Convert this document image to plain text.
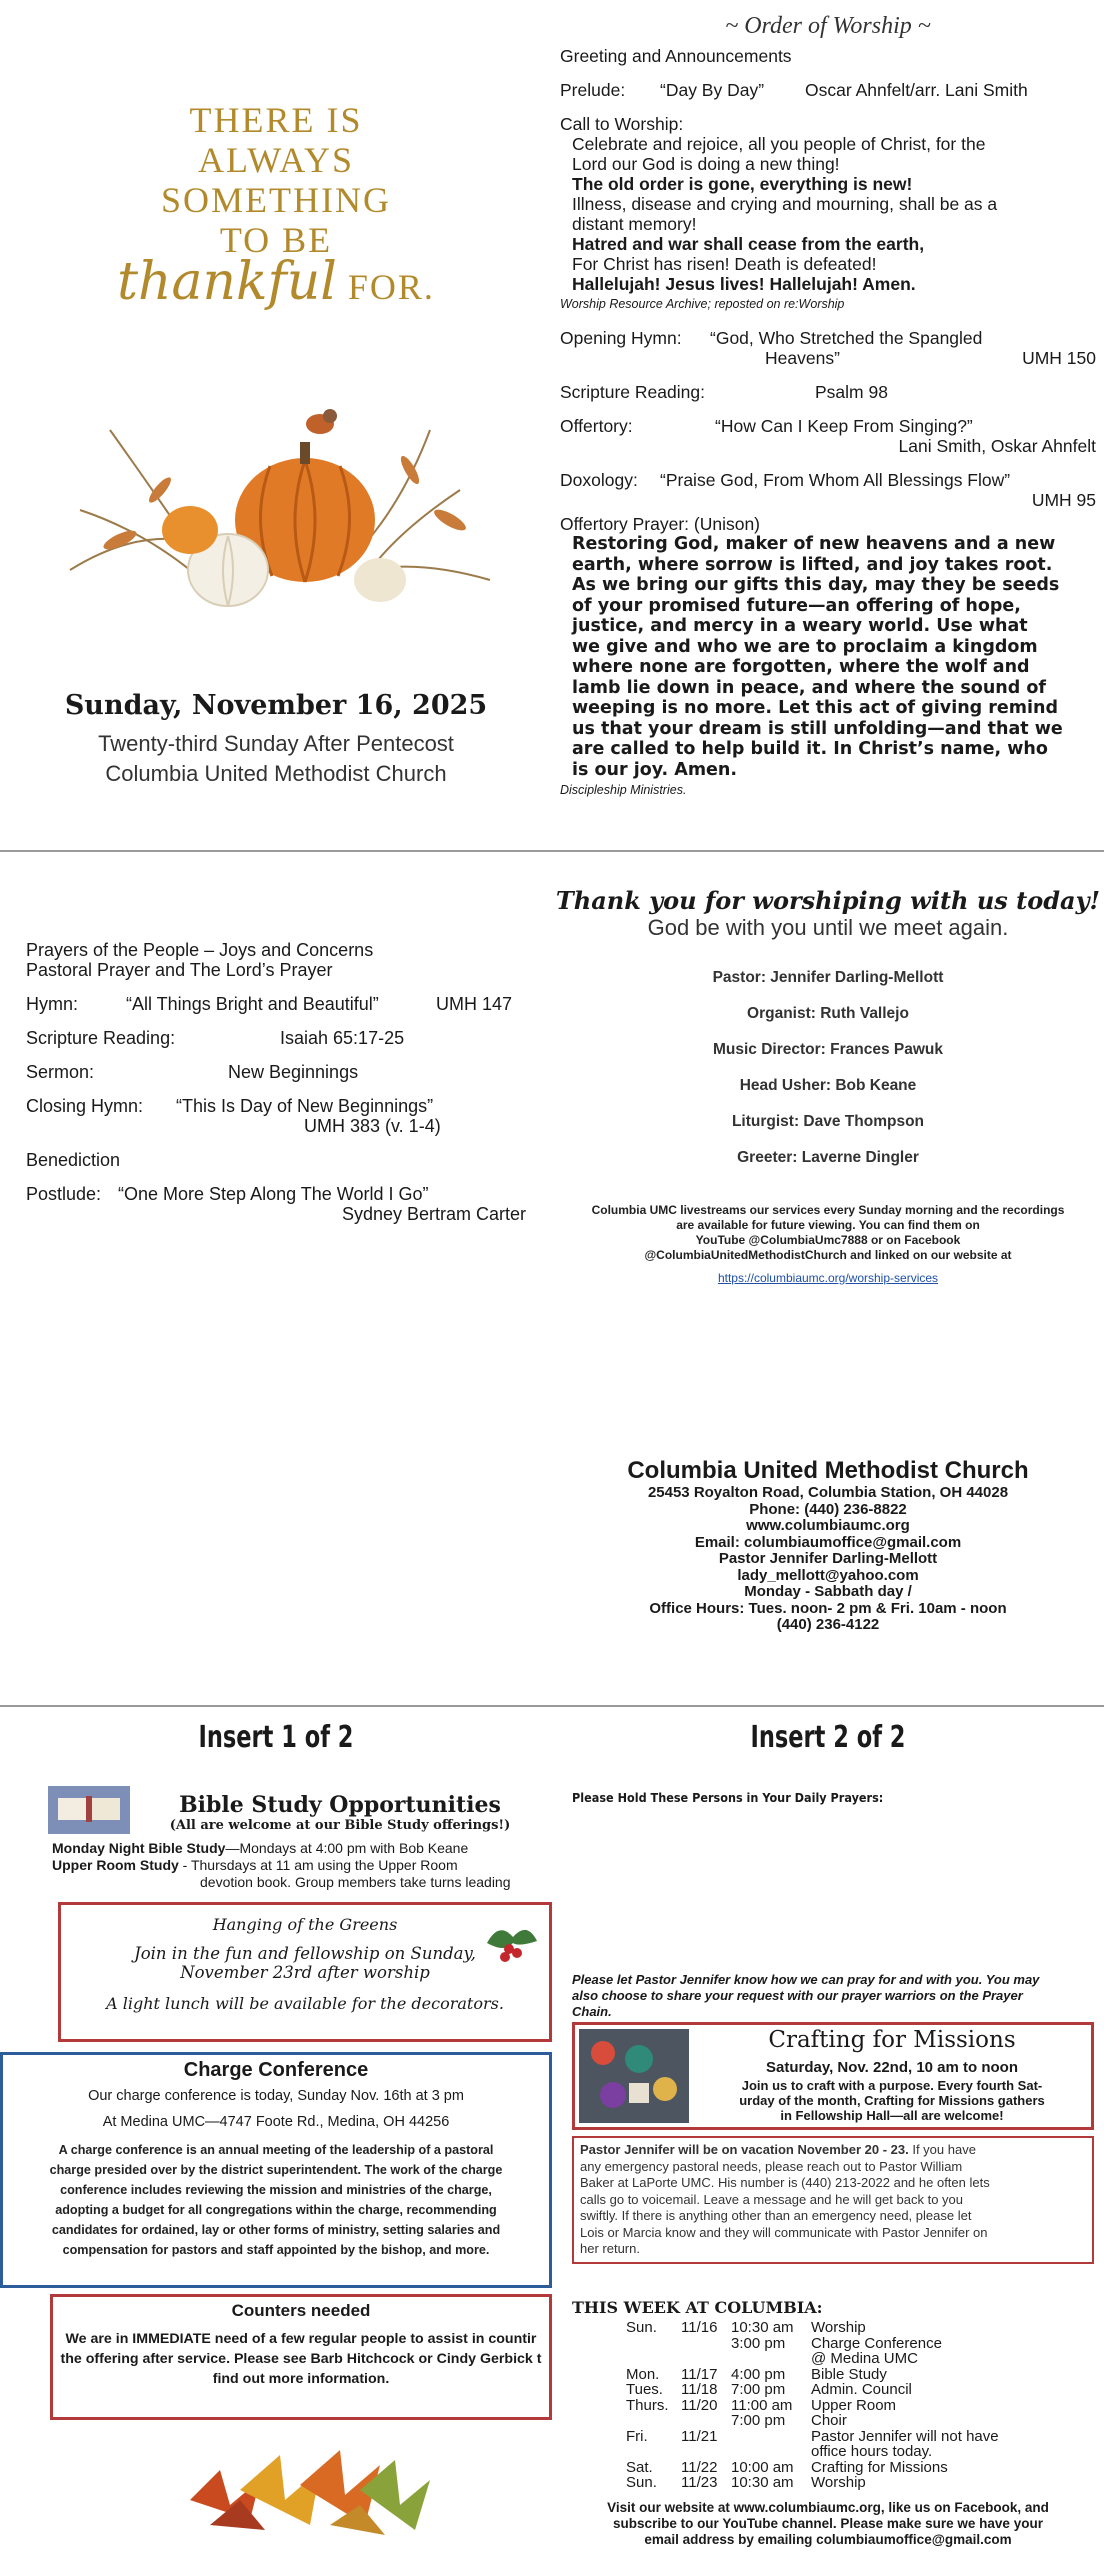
THERE IS
ALWAYS
SOMETHING
TO BE
thankful FOR.
Sunday, November 16, 2025
Twenty-third Sunday After Pentecost
Columbia United Methodist Church
~ Order of Worship ~
Greeting and Announcements
Prelude:	“Day By Day”	Oscar Ahnfelt/arr. Lani Smith
Call to Worship:
Celebrate and rejoice, all you people of Christ, for the
Lord our God is doing a new thing!
The old order is gone, everything is new!
Illness, disease and crying and mourning, shall be as a
distant memory!
Hatred and war shall cease from the earth,
For Christ has risen! Death is defeated!
Hallelujah! Jesus lives! Hallelujah! Amen.
Worship Resource Archive; reposted on re:Worship
Opening Hymn:	“God, Who Stretched the Spangled
Heavens”	UMH 150
Scripture Reading:	Psalm 98
Offertory:	“How Can I Keep From Singing?”
Lani Smith, Oskar Ahnfelt
Doxology:	“Praise God, From Whom All Blessings Flow”
UMH 95
Offertory Prayer: (Unison)
Restoring God, maker of new heavens and a new
earth, where sorrow is lifted, and joy takes root.
As we bring our gifts this day, may they be seeds
of your promised future—an offering of hope,
justice, and mercy in a weary world. Use what
we give and who we are to proclaim a kingdom
where none are forgotten, where the wolf and
lamb lie down in peace, and where the sound of
weeping is no more. Let this act of giving remind
us that your dream is still unfolding—and that we
are called to help build it. In Christ’s name, who
is our joy. Amen.
Discipleship Ministries.
Prayers of the People – Joys and Concerns
Pastoral Prayer and The Lord’s Prayer
Hymn:	“All Things Bright and Beautiful”	UMH 147
Scripture Reading:	Isaiah 65:17-25
Sermon:	New Beginnings
Closing Hymn:	“This Is Day of New Beginnings”
UMH 383 (v. 1-4)
Benediction
Postlude: “One More Step Along The World I Go”
Sydney Bertram Carter
Thank you for worshiping with us today!
God be with you until we meet again.
Pastor: Jennifer Darling-Mellott
Organist: Ruth Vallejo
Music Director: Frances Pawuk
Head Usher: Bob Keane
Liturgist: Dave Thompson
Greeter: Laverne Dingler
Columbia UMC livestreams our services every Sunday morning and the recordings
are available for future viewing. You can find them on
YouTube @ColumbiaUmc7888 or on Facebook
@ColumbiaUnitedMethodistChurch and linked on our website at
https://columbiaumc.org/worship-services
Columbia United Methodist Church
25453 Royalton Road, Columbia Station, OH 44028
Phone: (440) 236-8822
www.columbiaumc.org
Email: columbiaumoffice@gmail.com
Pastor Jennifer Darling-Mellott
lady_mellott@yahoo.com
Monday - Sabbath day /
Office Hours: Tues. noon- 2 pm & Fri. 10am - noon
(440) 236-4122
Insert 1 of 2
Bible Study Opportunities
(All are welcome at our Bible Study offerings!)
Monday Night Bible Study—Mondays at 4:00 pm with Bob Keane
Upper Room Study - Thursdays at 11 am using the Upper Room
devotion book. Group members take turns leading
Hanging of the Greens
Join in the fun and fellowship on Sunday,
November 23rd after worship
A light lunch will be available for the decorators.
Charge Conference
Our charge conference is today, Sunday Nov. 16th at 3 pm
At Medina UMC—4747 Foote Rd., Medina, OH 44256
A charge conference is an annual meeting of the leadership of a pastoral
charge presided over by the district superintendent. The work of the charge
conference includes reviewing the mission and ministries of the charge,
adopting a budget for all congregations within the charge, recommending
candidates for ordained, lay or other forms of ministry, setting salaries and
compensation for pastors and staff appointed by the bishop, and more.
Counters needed
We are in IMMEDIATE need of a few regular people to assist in countir
the offering after service. Please see Barb Hitchcock or Cindy Gerbick t
find out more information.
Insert 2 of 2
Please Hold These Persons in Your Daily Prayers:
Please let Pastor Jennifer know how we can pray for and with you. You may
also choose to share your request with our prayer warriors on the Prayer
Chain.
Crafting for Missions
Saturday, Nov. 22nd, 10 am to noon
Join us to craft with a purpose. Every fourth Sat-
urday of the month, Crafting for Missions gathers
in Fellowship Hall—all are welcome!
Pastor Jennifer will be on vacation November 20 - 23. If you have
any emergency pastoral needs, please reach out to Pastor William
Baker at LaPorte UMC. His number is (440) 213-2022 and he often lets
calls go to voicemail. Leave a message and he will get back to you
swiftly. If there is anything other than an emergency need, please let
Lois or Marcia know and they will communicate with Pastor Jennifer on
her return.
THIS WEEK AT COLUMBIA:
Sun.	11/16 10:30 am	Worship
3:00 pm	Charge Conference
@ Medina UMC
Mon.	11/17 4:00 pm	Bible Study
Tues.	11/18 7:00 pm	Admin. Council
Thurs. 11/20 11:00 am	Upper Room
7:00 pm	Choir
Fri.	11/21	Pastor Jennifer will not have
office hours today.
Sat.	11/22 10:00 am	Crafting for Missions
Sun.	11/23 10:30 am	Worship
Visit our website at www.columbiaumc.org, like us on Facebook, and
subscribe to our YouTube channel. Please make sure we have your
email address by emailing columbiaumoffice@gmail.com
